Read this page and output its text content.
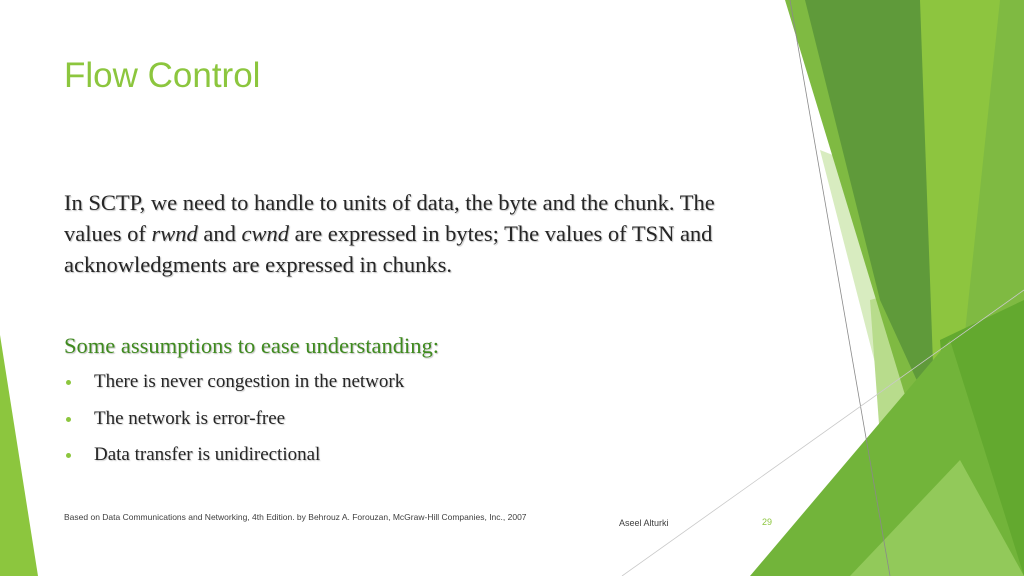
Flow Control
In SCTP, we need to handle to units of data, the byte and the chunk. The values of rwnd and cwnd are expressed in bytes; The values of TSN and acknowledgments are expressed in chunks.
Some assumptions to ease understanding:
There is never congestion in the network
The network is error-free
Data transfer is unidirectional
Based on Data Communications and Networking, 4th Edition. by Behrouz A. Forouzan, McGraw-Hill Companies, Inc., 2007
Aseel Alturki	29
